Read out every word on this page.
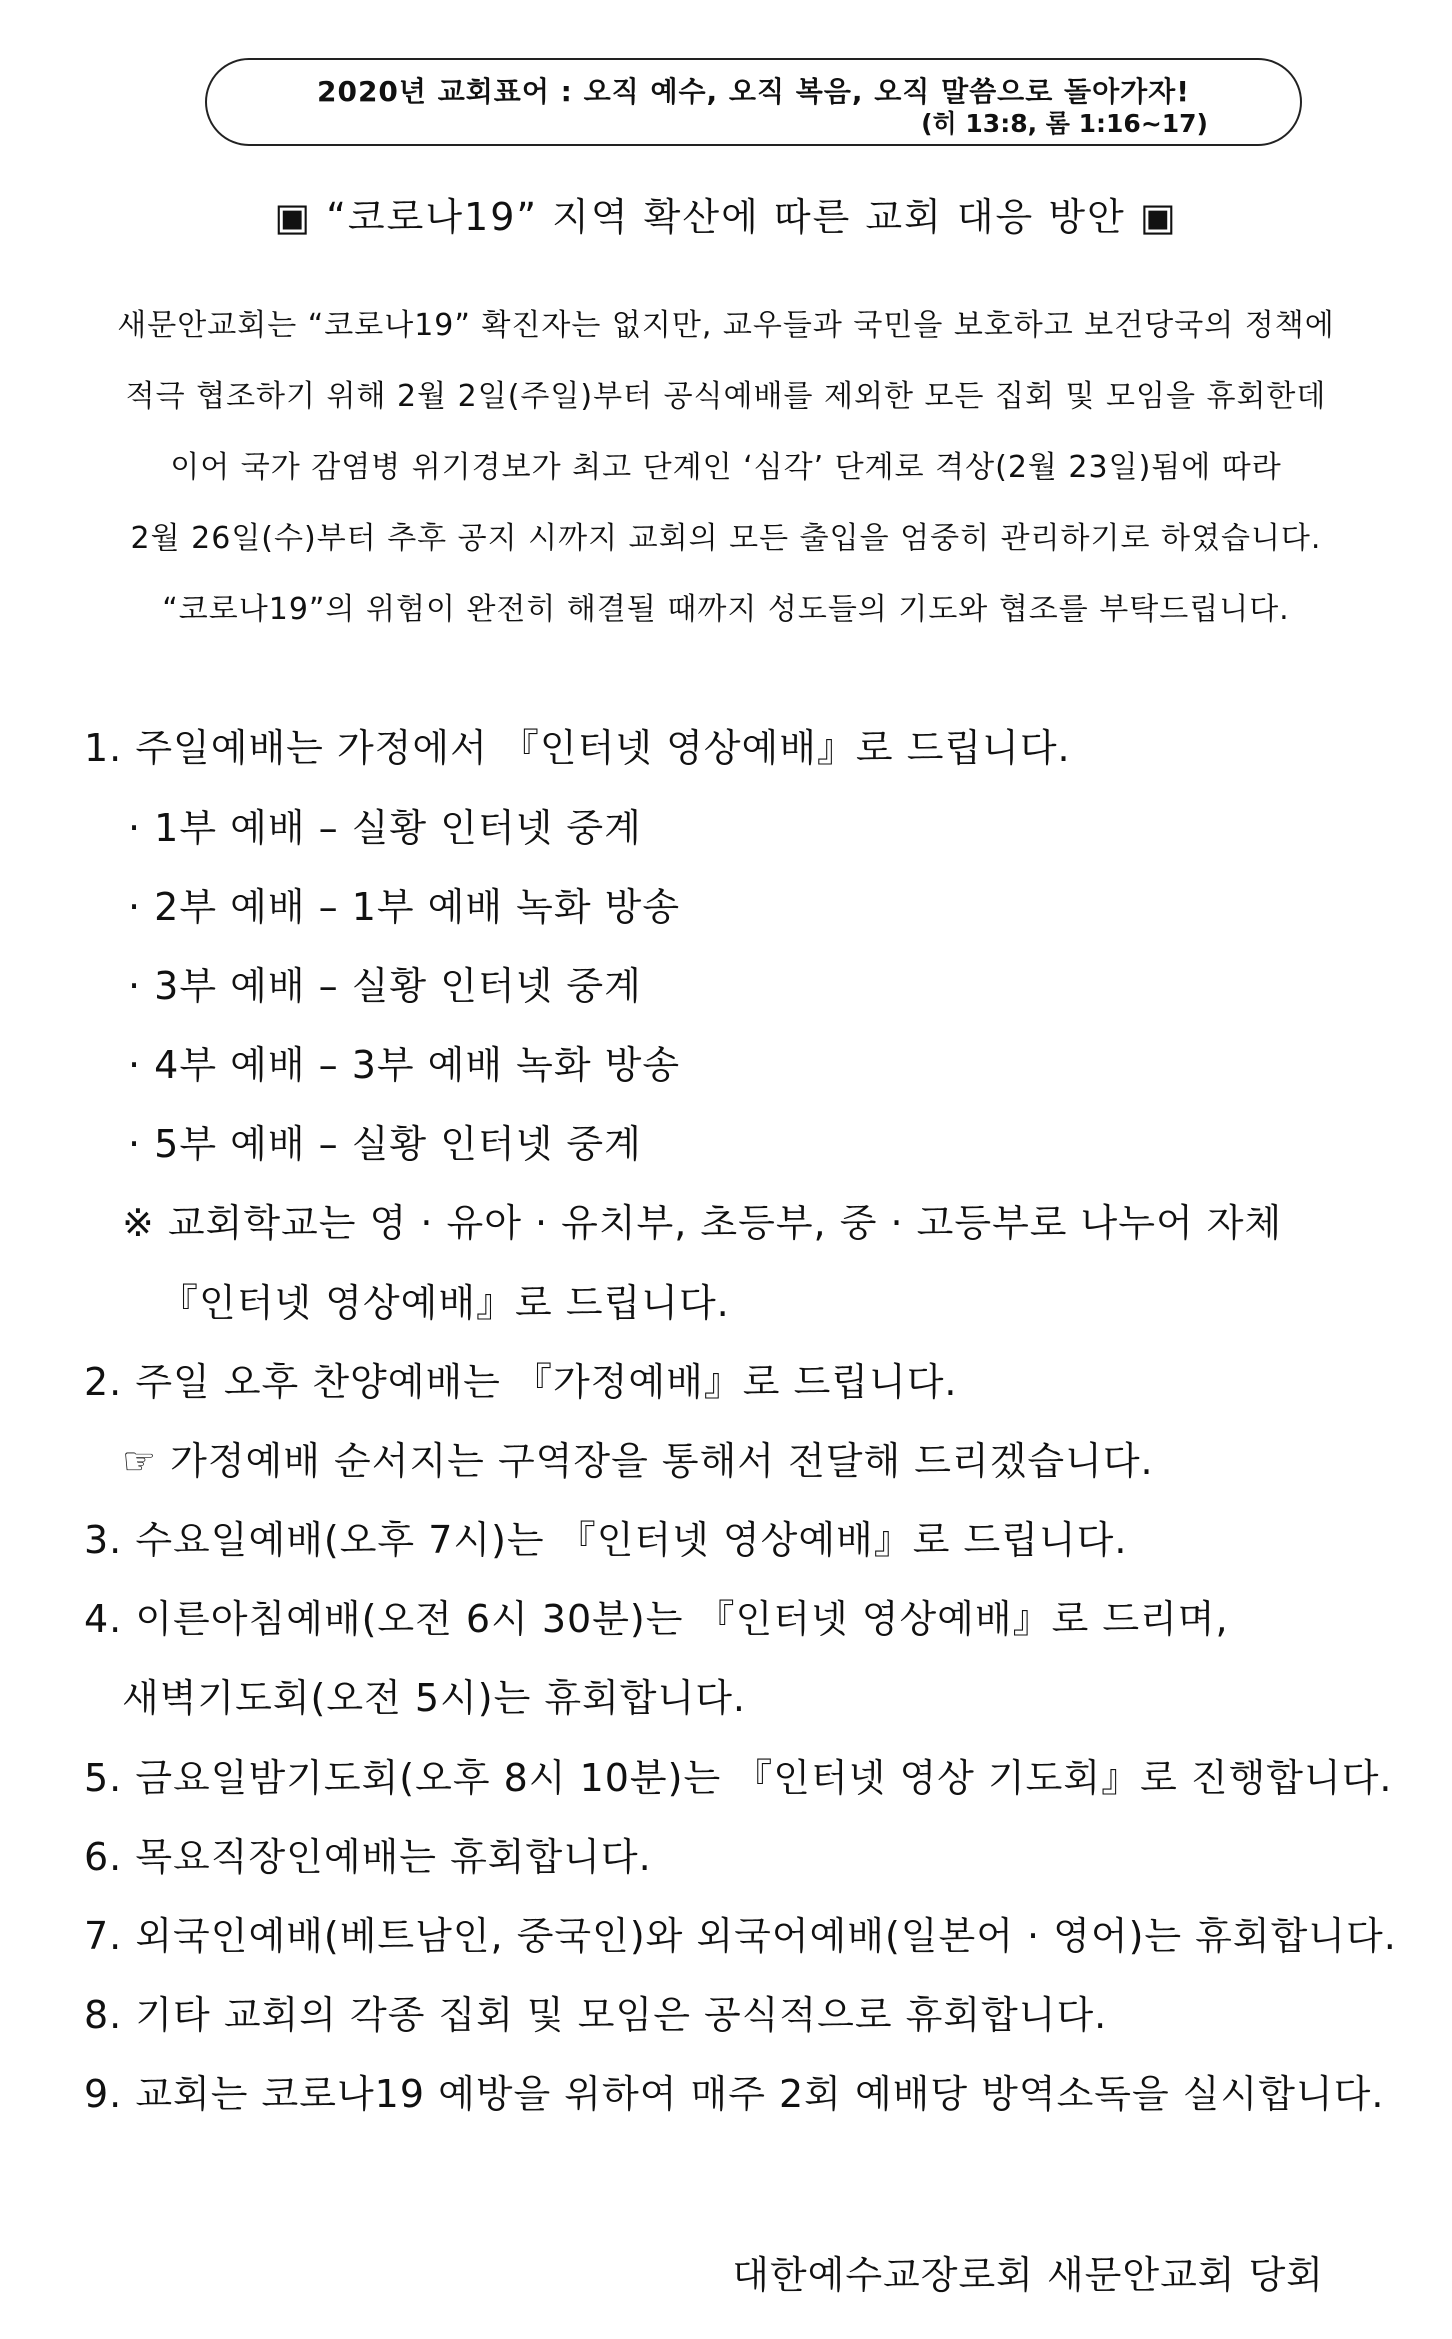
2020년 교회표어 : 오직 예수, 오직 복음, 오직 말씀으로 돌아가자!
(히 13:8, 롬 1:16~17)
▣ “코로나19” 지역 확산에 따른 교회 대응 방안 ▣
새문안교회는 “코로나19” 확진자는 없지만, 교우들과 국민을 보호하고 보건당국의 정책에
적극 협조하기 위해 2월 2일(주일)부터 공식예배를 제외한 모든 집회 및 모임을 휴회한데
이어 국가 감염병 위기경보가 최고 단계인 ‘심각’ 단계로 격상(2월 23일)됨에 따라
2월 26일(수)부터 추후 공지 시까지 교회의 모든 출입을 엄중히 관리하기로 하였습니다.
“코로나19”의 위험이 완전히 해결될 때까지 성도들의 기도와 협조를 부탁드립니다.
1. 주일예배는 가정에서 『인터넷 영상예배』로 드립니다.
· 1부 예배 – 실황 인터넷 중계
· 2부 예배 – 1부 예배 녹화 방송
· 3부 예배 – 실황 인터넷 중계
· 4부 예배 – 3부 예배 녹화 방송
· 5부 예배 – 실황 인터넷 중계
※ 교회학교는 영 · 유아 · 유치부, 초등부, 중 · 고등부로 나누어 자체
『인터넷 영상예배』로 드립니다.
2. 주일 오후 찬양예배는 『가정예배』로 드립니다.
☞ 가정예배 순서지는 구역장을 통해서 전달해 드리겠습니다.
3. 수요일예배(오후 7시)는 『인터넷 영상예배』로 드립니다.
4. 이른아침예배(오전 6시 30분)는 『인터넷 영상예배』로 드리며,
새벽기도회(오전 5시)는 휴회합니다.
5. 금요일밤기도회(오후 8시 10분)는 『인터넷 영상 기도회』로 진행합니다.
6. 목요직장인예배는 휴회합니다.
7. 외국인예배(베트남인, 중국인)와 외국어예배(일본어 · 영어)는 휴회합니다.
8. 기타 교회의 각종 집회 및 모임은 공식적으로 휴회합니다.
9. 교회는 코로나19 예방을 위하여 매주 2회 예배당 방역소독을 실시합니다.
대한예수교장로회 새문안교회 당회
